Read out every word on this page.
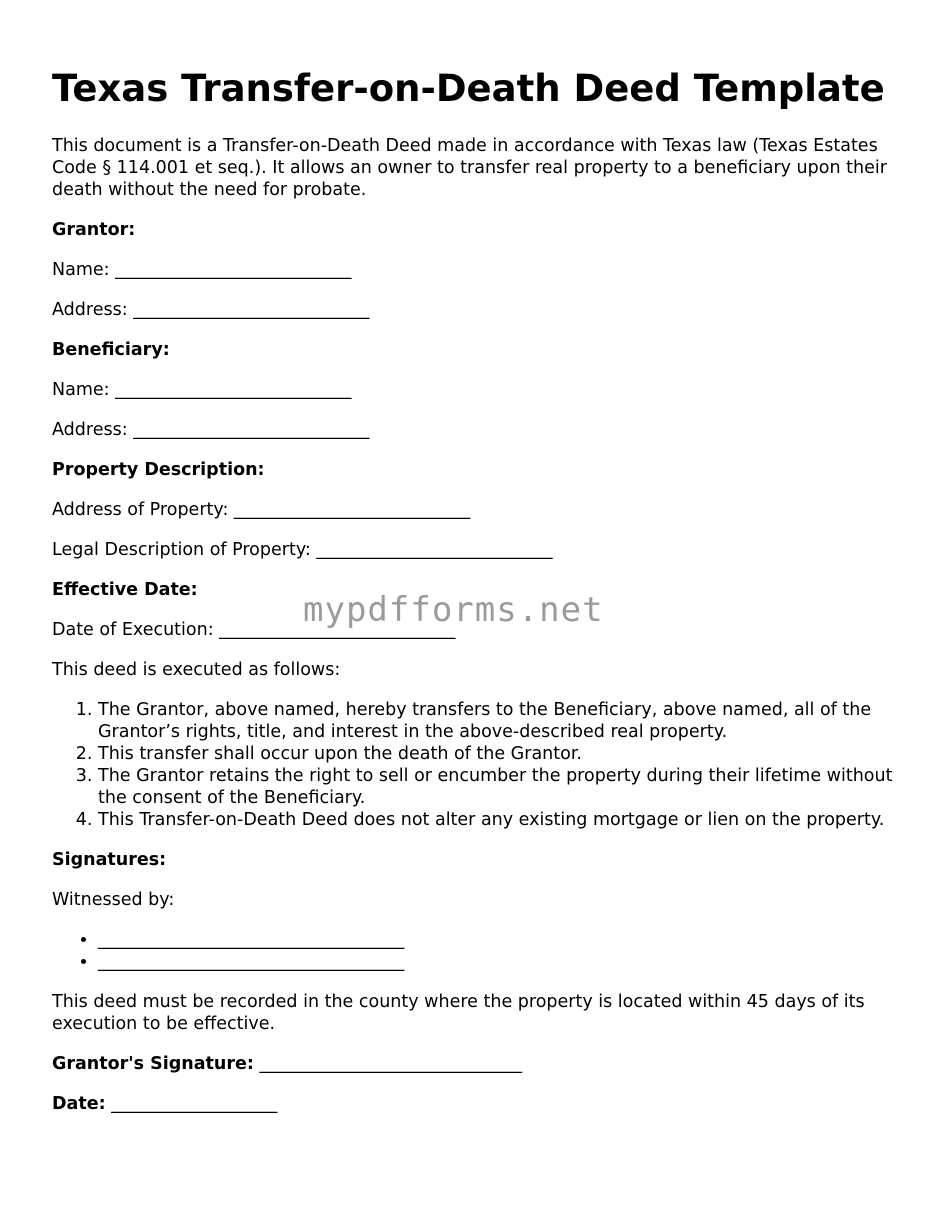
Texas Transfer-on-Death Deed Template

This document is a Transfer-on-Death Deed made in accordance with Texas law (Texas Estates Code § 114.001 et seq.). It allows an owner to transfer real property to a beneficiary upon their death without the need for probate.

Grantor:

Name: ___________________________

Address: ___________________________

Beneficiary:

Name: ___________________________

Address: ___________________________

Property Description:

Address of Property: ___________________________

Legal Description of Property: ___________________________

Effective Date:

Date of Execution: ___________________________

This deed is executed as follows:

1. The Grantor, above named, hereby transfers to the Beneficiary, above named, all of the Grantor’s rights, title, and interest in the above-described real property.
2. This transfer shall occur upon the death of the Grantor.
3. The Grantor retains the right to sell or encumber the property during their lifetime without the consent of the Beneficiary.
4. This Transfer-on-Death Deed does not alter any existing mortgage or lien on the property.

Signatures:

Witnessed by:

• ___________________________________
• ___________________________________

This deed must be recorded in the county where the property is located within 45 days of its execution to be effective.

Grantor's Signature: ______________________________

Date: ___________________

mypdfforms.net
